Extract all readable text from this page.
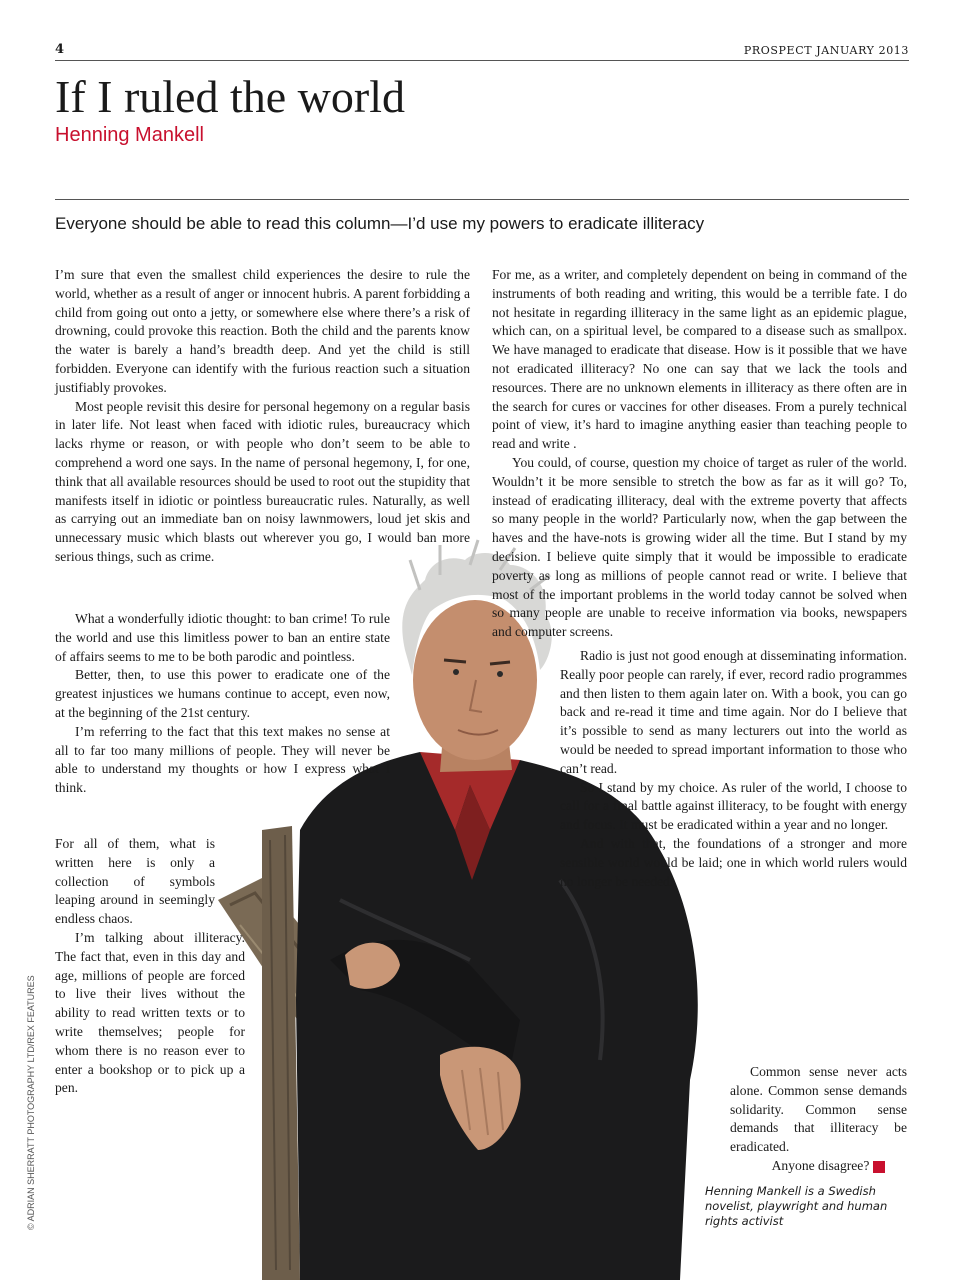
4	PROSPECT JANUARY 2013
If I ruled the world
Henning Mankell
Everyone should be able to read this column—I’d use my powers to eradicate illiteracy
© ADRIAN SHERRATT PHOTOGRAPHY LTD/REX FEATURES

I’m sure that even the smallest child experiences the desire to rule the world, whether as a result of anger or innocent hubris. A parent forbidding a child from going out onto a jetty, or somewhere else where there’s a risk of drowning, could provoke this reaction. Both the child and the parents know the water is barely a hand’s breadth deep. And yet the child is still forbidden. Everyone can identify with the furious reaction such a situation justifiably provokes.

Most people revisit this desire for personal hegemony on a regular basis in later life. Not least when faced with idiotic rules, bureaucracy which lacks rhyme or reason, or with people who don’t seem to be able to comprehend a word one says. In the name of personal hegemony, I, for one, think that all available resources should be used to root out the stupidity that manifests itself in idiotic or pointless bureaucratic rules. Naturally, as well as carrying out an immediate ban on noisy lawnmowers, loud jet skis and unnecessary music which blasts out wherever you go, I would ban more serious things, such as crime.

What a wonderfully idiotic thought: to ban crime! To rule the world and use this limitless power to ban an entire state of affairs seems to me to be both parodic and pointless.

Better, then, to use this power to eradicate one of the greatest injustices we humans continue to accept, even now, at the beginning of the 21st century.

I’m referring to the fact that this text makes no sense at all to far too many millions of people. They will never be able to understand my thoughts or how I express what I think.

For all of them, what is written here is only a collection of symbols leaping around in seemingly endless chaos.

I’m talking about illiteracy. The fact that, even in this day and age, millions of people are forced to live their lives without the ability to read written texts or to write themselves; people for whom there is no reason ever to enter a bookshop or to pick up a pen.

For me, as a writer, and completely dependent on being in command of the instruments of both reading and writing, this would be a terrible fate. I do not hesitate in regarding illiteracy in the same light as an epidemic plague, which can, on a spiritual level, be compared to a disease such as smallpox. We have managed to eradicate that disease. How is it possible that we have not eradicated illiteracy? No one can say that we lack the tools and resources. There are no unknown elements in illiteracy as there often are in the search for cures or vaccines for other diseases. From a purely technical point of view, it’s hard to imagine anything easier than teaching people to read and write .

You could, of course, question my choice of target as ruler of the world. Wouldn’t it be more sensible to stretch the bow as far as it will go? To, instead of eradicating illiteracy, deal with the extreme poverty that affects so many people in the world? Particularly now, when the gap between the haves and the have-nots is growing wider all the time. But I stand by my decision. I believe quite simply that it would be impossible to eradicate poverty as long as millions of people cannot read or write. I believe that most of the important problems in the world today cannot be solved when so many people are unable to receive information via books, newspapers and computer screens.

Radio is just not good enough at disseminating information. Really poor people can rarely, if ever, record radio programmes and then listen to them again later on. With a book, you can go back and re-read it time and time again. Nor do I believe that it’s possible to send as many lecturers out into the world as would be needed to spread important information to those who can’t read.

So I stand by my choice. As ruler of the world, I choose to call for a final battle against illiteracy, to be fought with energy and focus. It must be eradicated within a year and no longer.

And with that, the foundations of a stronger and more sensible world would be laid; one in which world rulers would no longer be needed.

Common sense never acts alone. Common sense demands solidarity. Common sense demands that illiteracy be eradicated.

Anyone disagree?	P

Henning Mankell is a Swedish novelist, playwright and human rights activist
